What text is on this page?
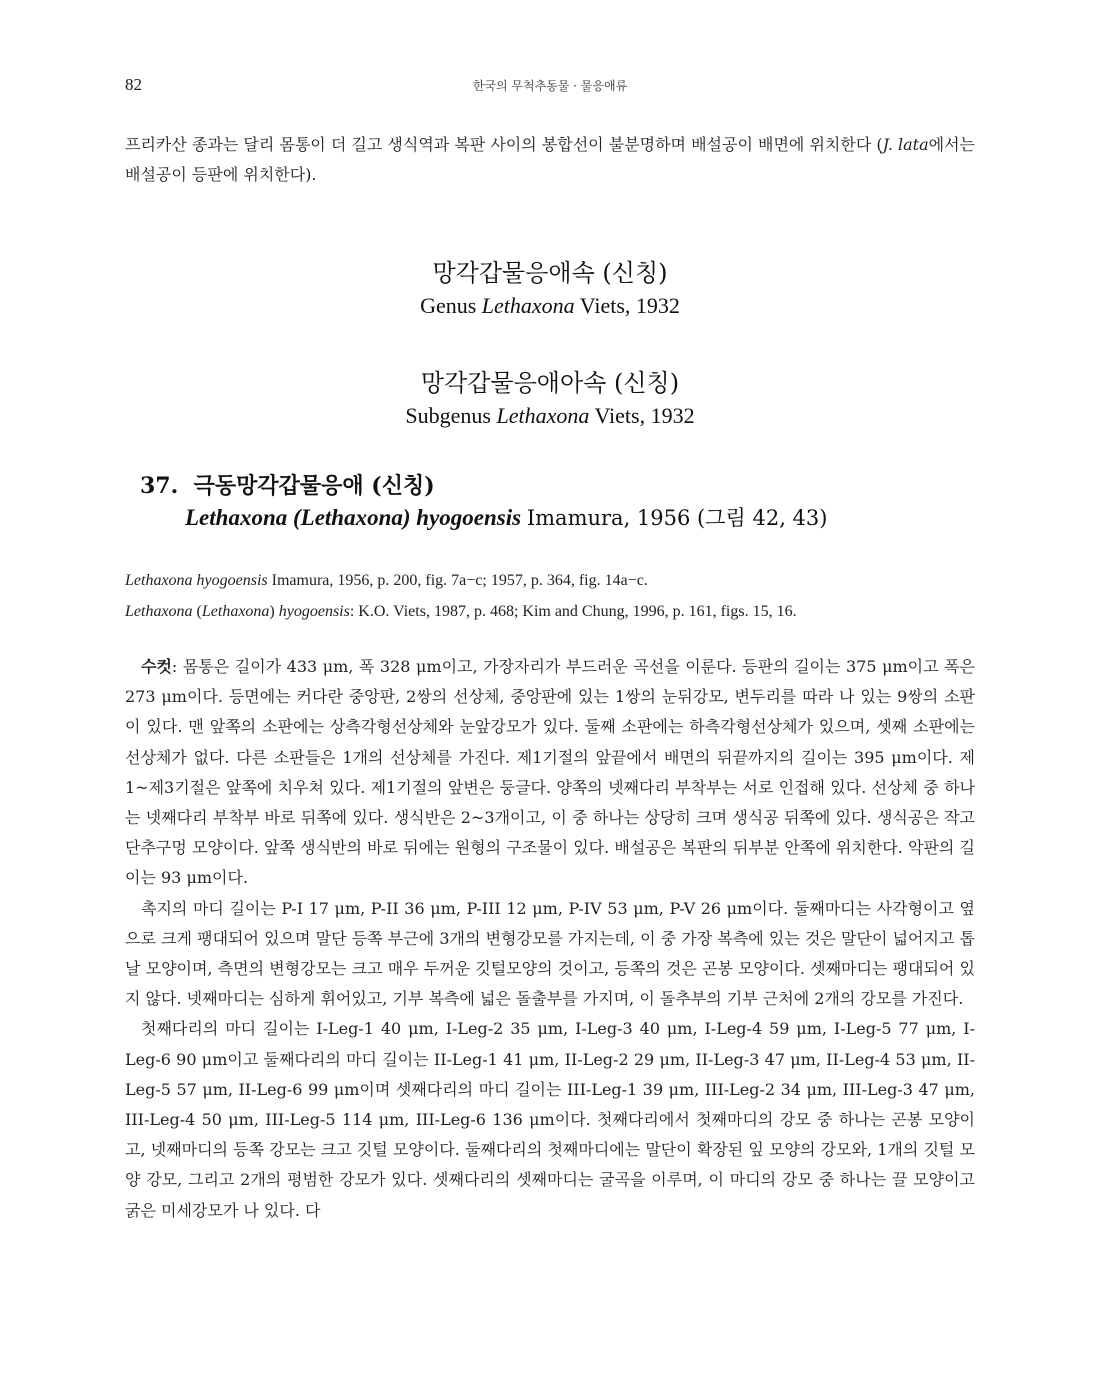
82	한국의 무척추동물 · 물응애류
프리카산 종과는 달리 몸통이 더 길고 생식역과 복판 사이의 봉합선이 불분명하며 배설공이 배면에 위치한다 (J. lata에서는 배설공이 등판에 위치한다).
망각갑물응애속 (신칭)
Genus Lethaxona Viets, 1932
망각갑물응애아속 (신칭)
Subgenus Lethaxona Viets, 1932
37. 극동망각갑물응애 (신칭)
Lethaxona (Lethaxona) hyogoensis Imamura, 1956 (그림 42, 43)
Lethaxona hyogoensis Imamura, 1956, p. 200, fig. 7a−c; 1957, p. 364, fig. 14a−c.
Lethaxona (Lethaxona) hyogoensis: K.O. Viets, 1987, p. 468; Kim and Chung, 1996, p. 161, figs. 15, 16.

수컷: 몸통은 길이가 433 μm, 폭 328 μm이고, 가장자리가 부드러운 곡선을 이룬다. 등판의 길이는 375 μm이고 폭은 273 μm이다. 등면에는 커다란 중앙판, 2쌍의 선상체, 중앙판에 있는 1쌍의 눈뒤강모, 변두리를 따라 나 있는 9쌍의 소판이 있다. 맨 앞쪽의 소판에는 상측각형선상체와 눈앞강모가 있다. 둘째 소판에는 하측각형선상체가 있으며, 셋째 소판에는 선상체가 없다. 다른 소판들은 1개의 선상체를 가진다. 제1기절의 앞끝에서 배면의 뒤끝까지의 길이는 395 μm이다. 제1~제3기절은 앞쪽에 치우쳐 있다. 제1기절의 앞변은 둥글다. 양쪽의 넷째다리 부착부는 서로 인접해 있다. 선상체 중 하나는 넷째다리 부착부 바로 뒤쪽에 있다. 생식반은 2~3개이고, 이 중 하나는 상당히 크며 생식공 뒤쪽에 있다. 생식공은 작고 단추구멍 모양이다. 앞쪽 생식반의 바로 뒤에는 원형의 구조물이 있다. 배설공은 복판의 뒤부분 안쪽에 위치한다. 악판의 길이는 93 μm이다.

촉지의 마디 길이는 P-I 17 μm, P-II 36 μm, P-III 12 μm, P-IV 53 μm, P-V 26 μm이다. 둘째마디는 사각형이고 옆으로 크게 팽대되어 있으며 말단 등쪽 부근에 3개의 변형강모를 가지는데, 이 중 가장 복측에 있는 것은 말단이 넓어지고 톱날 모양이며, 측면의 변형강모는 크고 매우 두꺼운 깃털모양의 것이고, 등쪽의 것은 곤봉 모양이다. 셋째마디는 팽대되어 있지 않다. 넷째마디는 심하게 휘어있고, 기부 복측에 넓은 돌출부를 가지며, 이 돌추부의 기부 근처에 2개의 강모를 가진다.

첫째다리의 마디 길이는 I-Leg-1 40 μm, I-Leg-2 35 μm, I-Leg-3 40 μm, I-Leg-4 59 μm, I-Leg-5 77 μm, I-Leg-6 90 μm이고 둘째다리의 마디 길이는 II-Leg-1 41 μm, II-Leg-2 29 μm, II-Leg-3 47 μm, II-Leg-4 53 μm, II-Leg-5 57 μm, II-Leg-6 99 μm이며 셋째다리의 마디 길이는 III-Leg-1 39 μm, III-Leg-2 34 μm, III-Leg-3 47 μm, III-Leg-4 50 μm, III-Leg-5 114 μm, III-Leg-6 136 μm이다. 첫째다리에서 첫째마디의 강모 중 하나는 곤봉 모양이고, 넷째마디의 등쪽 강모는 크고 깃털 모양이다. 둘째다리의 첫째마디에는 말단이 확장된 잎 모양의 강모와, 1개의 깃털 모양 강모, 그리고 2개의 평범한 강모가 있다. 셋째다리의 셋째마디는 굴곡을 이루며, 이 마디의 강모 중 하나는 끌 모양이고 굵은 미세강모가 나 있다. 다
